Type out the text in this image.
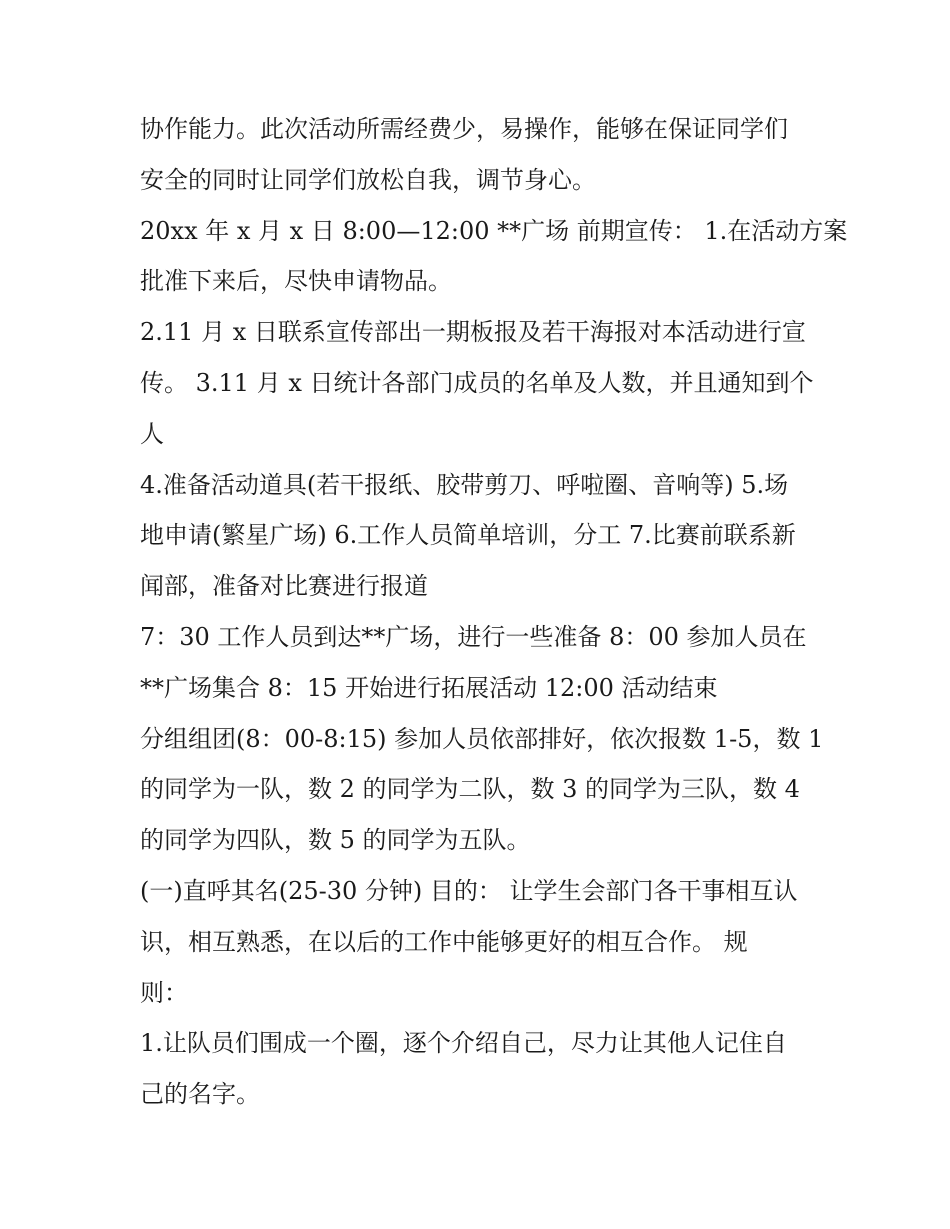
协作能力。此次活动所需经费少，易操作，能够在保证同学们
安全的同时让同学们放松自我，调节身心。
20xx 年 x 月 x 日 8:00—12:00 **广场 前期宣传： 1.在活动方案
批准下来后，尽快申请物品。
2.11 月 x 日联系宣传部出一期板报及若干海报对本活动进行宣
传。 3.11 月 x 日统计各部门成员的名单及人数，并且通知到个
人
4.准备活动道具(若干报纸、胶带剪刀、呼啦圈、音响等) 5.场
地申请(繁星广场) 6.工作人员简单培训，分工 7.比赛前联系新
闻部，准备对比赛进行报道
7：30 工作人员到达**广场，进行一些准备 8：00 参加人员在
**广场集合 8：15 开始进行拓展活动 12:00 活动结束
分组组团(8：00-8:15) 参加人员依部排好，依次报数 1-5，数 1
的同学为一队，数 2 的同学为二队，数 3 的同学为三队，数 4
的同学为四队，数 5 的同学为五队。
(一)直呼其名(25-30 分钟) 目的： 让学生会部门各干事相互认
识，相互熟悉，在以后的工作中能够更好的相互合作。 规
则：
1.让队员们围成一个圈，逐个介绍自己，尽力让其他人记住自
己的名字。
